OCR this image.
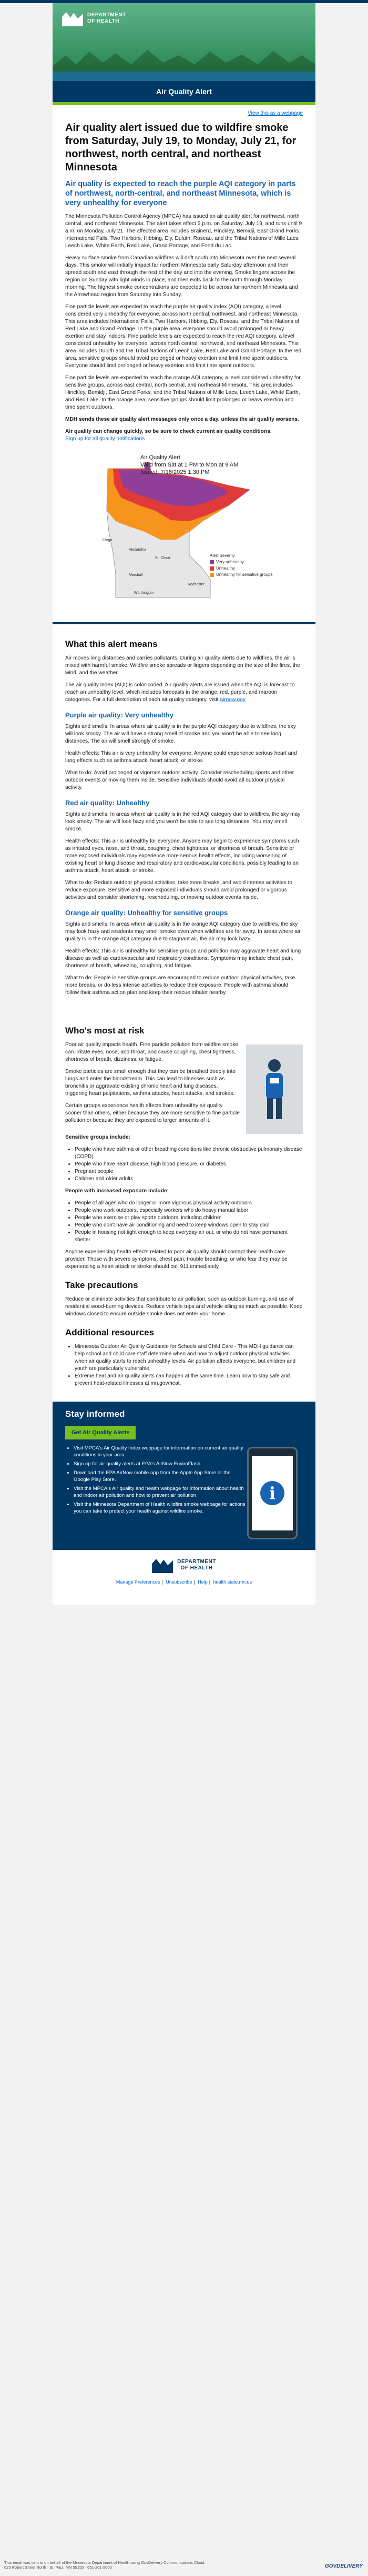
DEPARTMENT
OF HEALTH
Air Quality Alert
View this as a webpage
Air quality alert issued due to wildfire smoke from Saturday, July 19, to Monday, July 21, for northwest, north central, and northeast Minnesota
Air quality is expected to reach the purple AQI category in parts of northwest, north-central, and northeast Minnesota, which is very unhealthy for everyone

The Minnesota Pollution Control Agency (MPCA) has issued an air quality alert for northwest, north central, and northeast Minnesota. The alert takes effect 5 p.m. on Saturday, July 19, and runs until 9 a.m. on Monday, July 21. The affected area includes Brainerd, Hinckley, Bemidji, East Grand Forks, International Falls, Two Harbors, Hibbing, Ely, Duluth, Roseau, and the Tribal Nations of Mille Lacs, Leech Lake, White Earth, Red Lake, Grand Portage, and Fond du Lac.

Heavy surface smoke from Canadian wildfires will drift south into Minnesota over the next several days. This smoke will initially impact far northern Minnesota early Saturday afternoon and then spread south and east through the rest of the day and into the evening. Smoke lingers across the region on Sunday with light winds in place, and then exits back to the north through Monday morning. The highest smoke concentrations are expected to be across far northern Minnesota and the Arrowhead region from Saturday into Sunday.

Fine particle levels are expected to reach the purple air quality index (AQI) category, a level considered very unhealthy for everyone, across north central, northwest, and northeast Minnesota. This area includes International Falls, Two Harbors, Hibbing, Ely, Roseau, and the Tribal Nations of Red Lake and Grand Portage. In the purple area, everyone should avoid prolonged or heavy exertion and stay indoors. Fine particle levels are expected to reach the red AQI category, a level considered unhealthy for everyone, across north central, northwest, and northeast Minnesota. This area includes Duluth and the Tribal Nations of Leech Lake, Red Lake and Grand Portage. In the red area, sensitive groups should avoid prolonged or heavy exertion and limit time spent outdoors. Everyone should limit prolonged or heavy exertion and limit time spent outdoors.

Fine particle levels are expected to reach the orange AQI category, a level considered unhealthy for sensitive groups, across east central, north central, and northeast Minnesota. This area includes Hinckley, Bemidji, East Grand Forks, and the Tribal Nations of Mille Lacs, Leech Lake, White Earth, and Red Lake. In the orange area, sensitive groups should limit prolonged or heavy exertion and time spent outdoors.

MDH sends these air quality alert messages only once a day, unless the air quality worsens.

Air quality can change quickly, so be sure to check current air quality conditions.
Sign up for all quality notifications

Fargo
Alexandria
St. Cloud
Marshall
Rochester
Worthington
Air Quality Alert
Valid from Sat at 1 PM to Mon at 9 AM
Issued: 7/18/2025 1:30 PM
Alert Severity
Very unhealthy
Unhealthy
Unhealthy for sensitive groups
What this alert means

Air moves long distances and carries pollutants. During air quality alerts due to wildfires, the air is mixed with harmful smoke. Wildfire smoke spreads or lingers depending on the size of the fires, the wind, and the weather.

The air quality index (AQI) is color-coded. Air quality alerts are issued when the AQI is forecast to reach an unhealthy level, which includes forecasts in the orange, red, purple, and maroon categories. For a full description of each air quality category, visit airnow.gov

Purple air quality: Very unhealthy

Sights and smells: In areas where air quality is in the purple AQI category due to wildfires, the sky will look smoky. The air will have a strong smell of smoke and you won't be able to see long distances. The air will smell strongly of smoke.

Health effects: This air is very unhealthy for everyone. Anyone could experience serious heart and lung effects such as asthma attack, heart attack, or stroke.

What to do: Avoid prolonged or vigorous outdoor activity. Consider rescheduling sports and other outdoor events or moving them inside. Sensitive individuals should avoid all outdoor physical activity.

Red air quality: Unhealthy

Sights and smells: In areas where air quality is in the red AQI category due to wildfires, the sky may look smoky. The air will look hazy and you won't be able to see long distances. You may smell smoke.

Health effects: This air is unhealthy for everyone. Anyone may begin to experience symptoms such as irritated eyes, nose, and throat, coughing, chest tightness, or shortness of breath. Sensitive or more exposed individuals may experience more serious health effects, including worsening of existing heart or lung disease and respiratory and cardiovascular conditions, possibly leading to an asthma attack, heart attack, or stroke.

What to do: Reduce outdoor physical activities, take more breaks, and avoid intense activities to reduce exposure. Sensitive and more exposed individuals should avoid prolonged or vigorous activities and consider shortening, rescheduling, or moving outdoor events inside.

Orange air quality: Unhealthy for sensitive groups

Sights and smells: In areas where air quality is in the orange AQI category due to wildfires, the sky may look hazy and residents may smell smoke even when wildfires are far away. In areas where air quality is in the orange AQI category due to stagnant air, the air may look hazy.

Health effects: This air is unhealthy for sensitive groups and pollution may aggravate heart and lung disease as well as cardiovascular and respiratory conditions. Symptoms may include chest pain, shortness of breath, wheezing, coughing, and fatigue.

What to do: People in sensitive groups are encouraged to reduce outdoor physical activities, take more breaks, or do less intense activities to reduce their exposure. People with asthma should follow their asthma action plan and keep their rescue inhaler nearby.

Who's most at risk

Poor air quality impacts health. Fine particle pollution from wildfire smoke can irritate eyes, nose, and throat, and cause coughing, chest tightness, shortness of breath, dizziness, or fatigue.

Smoke particles are small enough that they can be breathed deeply into lungs and enter the bloodstream. This can lead to illnesses such as bronchitis or aggravate existing chronic heart and lung diseases, triggering heart palpitations, asthma attacks, heart attacks, and strokes.

Certain groups experience health effects from unhealthy air quality sooner than others, either because they are more sensitive to fine particle pollution or because they are exposed to larger amounts of it.

Sensitive groups include:

• People who have asthma or other breathing conditions like chronic obstructive pulmonary disease (COPD)
• People who have heart disease, high blood pressure, or diabetes
• Pregnant people
• Children and older adults

People with increased exposure include:

• People of all ages who do longer or more vigorous physical activity outdoors
• People who work outdoors, especially workers who do heavy manual labor
• People who exercise or play sports outdoors, including children
• People who don't have air conditioning and need to keep windows open to stay cool
• People in housing not tight enough to keep everyday air out, or who do not have permanent shelter

Anyone experiencing health effects related to poor air quality should contact their health care provider. Those with severe symptoms, chest pain, trouble breathing, or who fear they may be experiencing a heart attack or stroke should call 911 immediately.

Take precautions

Reduce or eliminate activities that contribute to air pollution, such as outdoor burning, and use of residential wood-burning devices. Reduce vehicle trips and vehicle idling as much as possible. Keep windows closed to ensure outside smoke does not enter your home.

Additional resources
• Minnesota Outdoor Air Quality Guidance for Schools and Child Care - This MDH guidance can help school and child care staff determine when and how to adjust outdoor physical activities when air quality starts to reach unhealthy levels. Air pollution affects everyone, but children and youth are particularly vulnerable.
• Extreme heat and air quality alerts can happen at the same time. Learn how to stay safe and prevent heat-related illnesses at mn.gov/heat.
Stay informed
Get Air Quality Alerts
• Visit MPCA's Air Quality Index webpage for information on current air quality conditions in your area.
• Sign up for air quality alerts at EPA's AirNow EnviroFlash.
• Download the EPA AirNow mobile app from the Apple App Store or the Google Play Store.
• Visit the MPCA's Air quality and health webpage for information about health and indoor air pollution and how to prevent air pollution.
• Visit the Minnesota Department of Health wildfire smoke webpage for actions you can take to protect your health against wildfire smoke.
i
DEPARTMENT
OF HEALTH
Manage Preferences | Unsubscribe | Help | health.state.mn.us
This email was sent to on behalf of the Minnesota Department of Health using GovDelivery Communications Cloud.
625 Robert Street North · St. Paul, MN 55155 · 651-201-5000	GOVDELIVERY
